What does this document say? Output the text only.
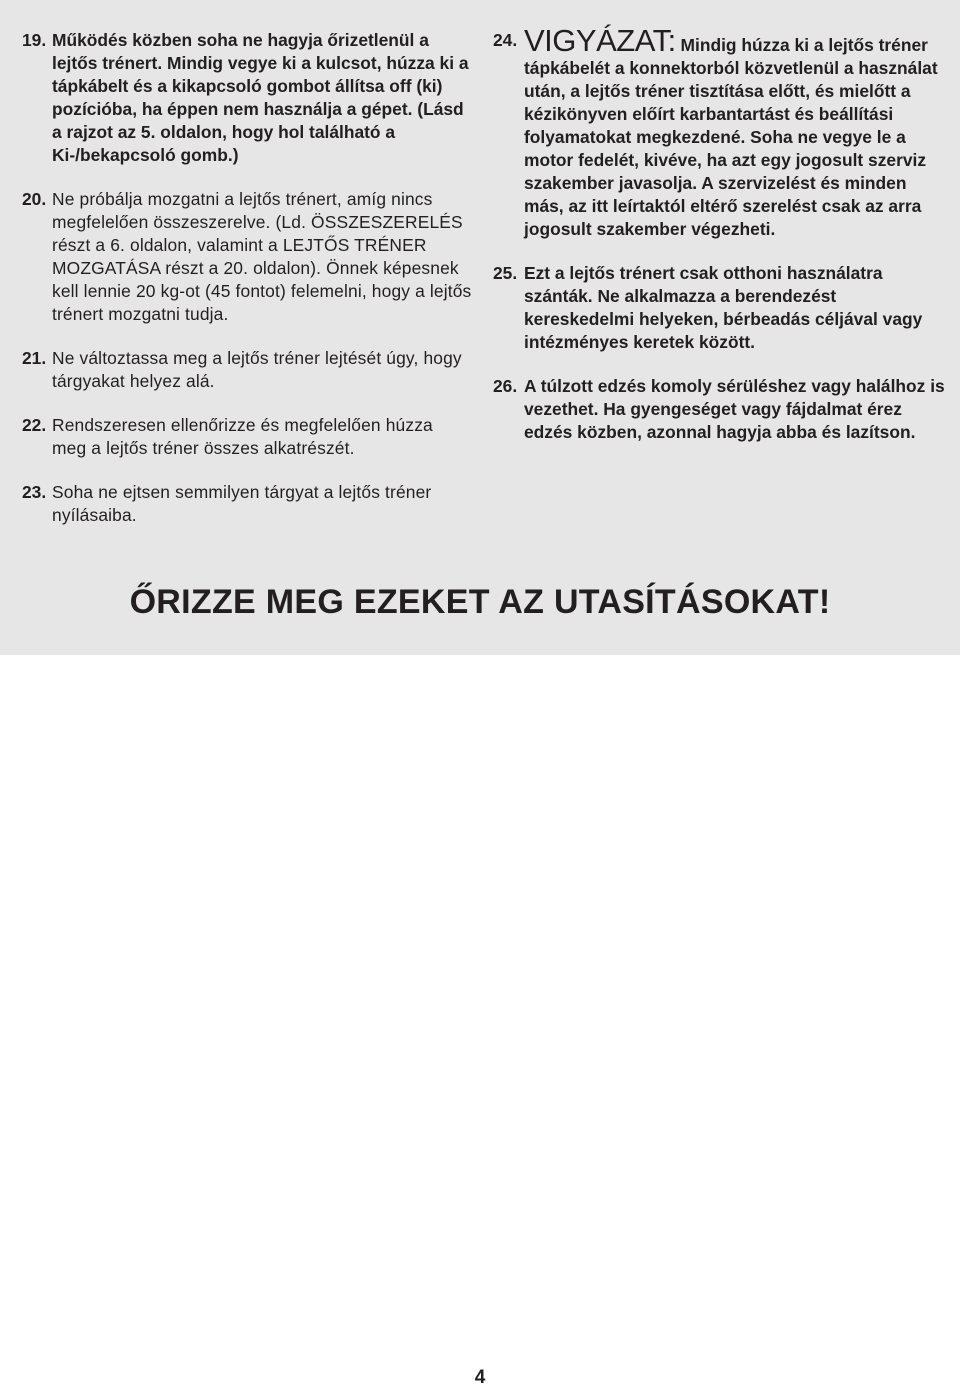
19. Működés közben soha ne hagyja őrizetlenül a lejtős trénert. Mindig vegye ki a kulcsot, húzza ki a tápkábelt és a kikapcsoló gombot állítsa off (ki) pozícióba, ha éppen nem használja a gépet. (Lásd a rajzot az 5. oldalon, hogy hol található a Ki-/bekapcsoló gomb.)
20. Ne próbálja mozgatni a lejtős trénert, amíg nincs megfelelően összeszerelve. (Ld. ÖSSZESZERELÉS részt a 6. oldalon, valamint a LEJTŐS TRÉNER MOZGATÁSA részt a 20. oldalon). Önnek képesnek kell lennie 20 kg-ot (45 fontot) felemelni, hogy a lejtős trénert mozgatni tudja.
21. Ne változtassa meg a lejtős tréner lejtését úgy, hogy tárgyakat helyez alá.
22. Rendszeresen ellenőrizze és megfelelően húzza meg a lejtős tréner összes alkatrészét.
23. Soha ne ejtsen semmilyen tárgyat a lejtős tréner nyílásaiba.
24. VIGYÁZAT: Mindig húzza ki a lejtős tréner tápkábelét a konnektorból közvetlenül a használat után, a lejtős tréner tisztítása előtt, és mielőtt a kézikönyven előírt karbantartást és beállítási folyamatokat megkezdené. Soha ne vegye le a motor fedelét, kivéve, ha azt egy jogosult szerviz szakember javasolja. A szervizelést és minden más, az itt leírtaktól eltérő szerelést csak az arra jogosult szakember végezheti.
25. Ezt a lejtős trénert csak otthoni használatra szánták. Ne alkalmazza a berendezést kereskedelmi helyeken, bérbeadás céljával vagy intézményes keretek között.
26. A túlzott edzés komoly sérüléshez vagy halálhoz is vezethet. Ha gyengeséget vagy fájdalmat érez edzés közben, azonnal hagyja abba és lazítson.
ŐRIZZE MEG EZEKET AZ UTASÍTÁSOKAT!
4
